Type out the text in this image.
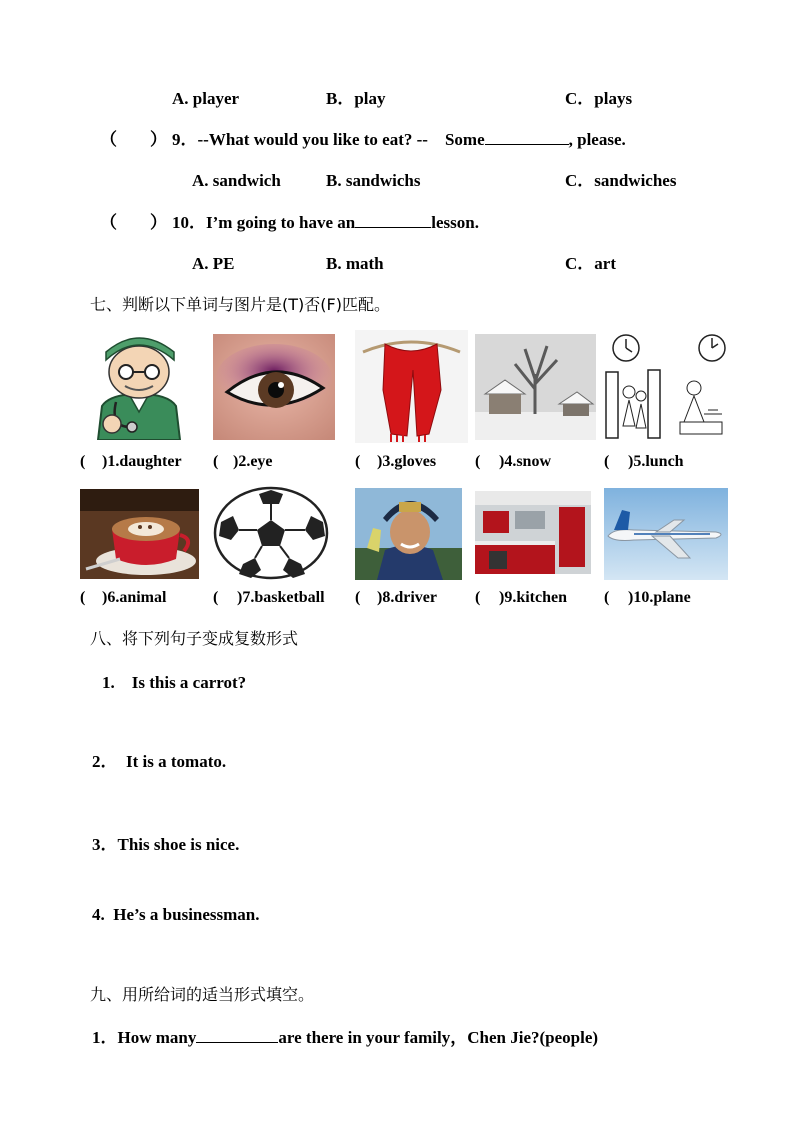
A. player	B．play	C．plays
（ ） 9．--What would you like to eat? -- Some	, please.
A. sandwich	B. sandwichs	C．sandwiches
（ ） 10．I’m going to have an	lesson.
A. PE	B. math	C．art
七、判断以下单词与图片是(T)否(F)匹配。
( )1.daughter ( )2.eye	( )3.gloves ( )4.snow	( )5.lunch
( )6.animal	( )7.basketball ( )8.driver ( )9.kitchen ( )10.plane
八、将下列句子变成复数形式
1.    Is this a carrot?
2．  It is a tomato.
3．This shoe is nice.
4.  He’s a businessman.
九、用所给词的适当形式填空。
1．How many	are there in your family，Chen Jie?(people)
